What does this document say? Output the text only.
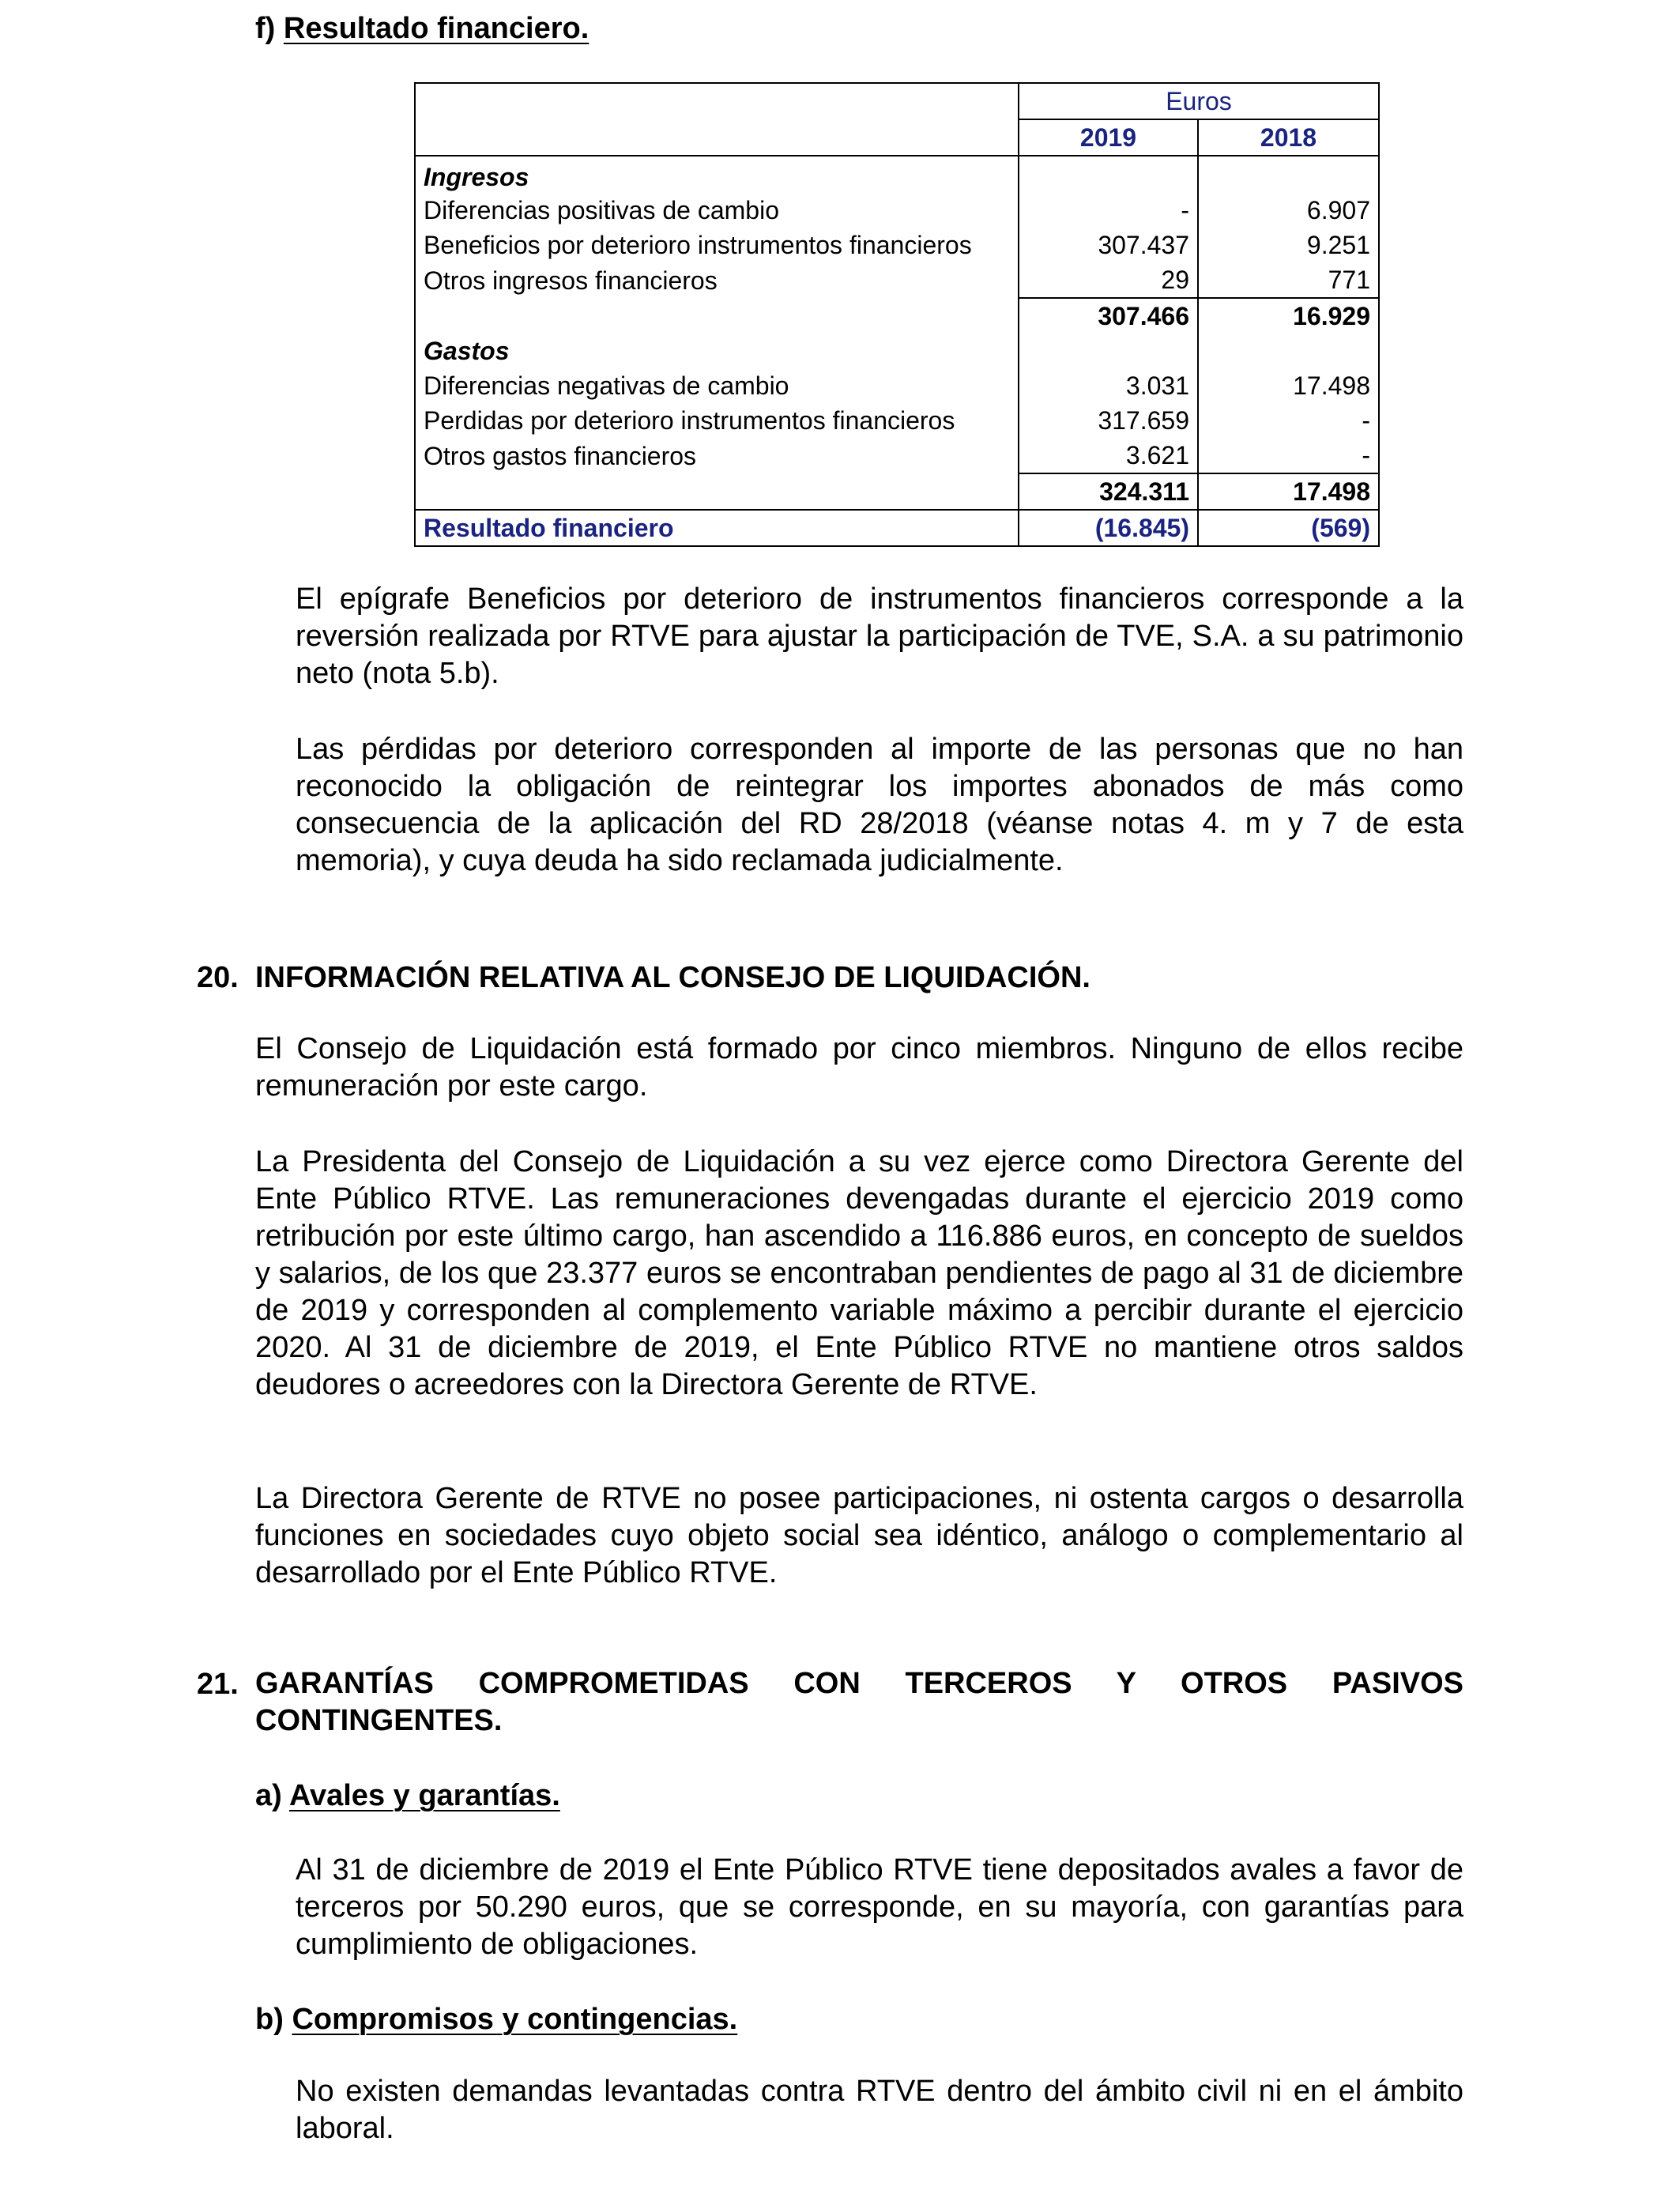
f) Resultado financiero.
	Euros	
	2019	2018
Ingresos		
Diferencias positivas de cambio	-	6.907
Beneficios por deterioro instrumentos financieros	307.437	9.251
Otros ingresos financieros	29	771
	307.466	16.929
Gastos		
Diferencias negativas de cambio	3.031	17.498
Perdidas por deterioro instrumentos financieros	317.659	-
Otros gastos financieros	3.621	-
	324.311	17.498
Resultado financiero	(16.845)	(569)

El epígrafe Beneficios por deterioro de instrumentos financieros corresponde a la reversión realizada por RTVE para ajustar la participación de TVE, S.A. a su patrimonio neto (nota 5.b).

Las pérdidas por deterioro corresponden al importe de las personas que no han reconocido la obligación de reintegrar los importes abonados de más como consecuencia de la aplicación del RD 28/2018 (véanse notas 4. m y 7 de esta memoria), y cuya deuda ha sido reclamada judicialmente.

20. INFORMACIÓN RELATIVA AL CONSEJO DE LIQUIDACIÓN.

El Consejo de Liquidación está formado por cinco miembros. Ninguno de ellos recibe remuneración por este cargo.

La Presidenta del Consejo de Liquidación a su vez ejerce como Directora Gerente del Ente Público RTVE. Las remuneraciones devengadas durante el ejercicio 2019 como retribución por este último cargo, han ascendido a 116.886 euros, en concepto de sueldos y salarios, de los que 23.377 euros se encontraban pendientes de pago al 31 de diciembre de 2019 y corresponden al complemento variable máximo a percibir durante el ejercicio 2020. Al 31 de diciembre de 2019, el Ente Público RTVE no mantiene otros saldos deudores o acreedores con la Directora Gerente de RTVE.

La Directora Gerente de RTVE no posee participaciones, ni ostenta cargos o desarrolla funciones en sociedades cuyo objeto social sea idéntico, análogo o complementario al desarrollado por el Ente Público RTVE.

21. GARANTÍAS COMPROMETIDAS CON TERCEROS Y OTROS PASIVOS CONTINGENTES.
a) Avales y garantías.

Al 31 de diciembre de 2019 el Ente Público RTVE tiene depositados avales a favor de terceros por 50.290 euros, que se corresponde, en su mayoría, con garantías para cumplimiento de obligaciones.

b) Compromisos y contingencias.

No existen demandas levantadas contra RTVE dentro del ámbito civil ni en el ámbito laboral.
